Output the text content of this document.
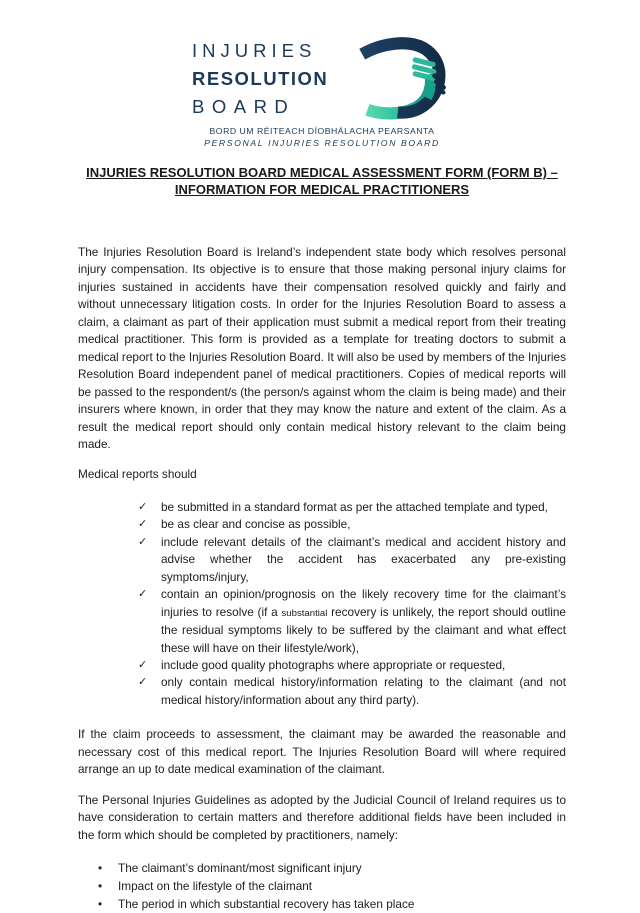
INJURIES
RESOLUTION
BOARD
BORD UM RÉITEACH DÍOBHÁLACHA PEARSANTA
PERSONAL INJURIES RESOLUTION BOARD
INJURIES RESOLUTION BOARD MEDICAL ASSESSMENT FORM (FORM B) –
INFORMATION FOR MEDICAL PRACTITIONERS

The Injuries Resolution Board is Ireland’s independent state body which resolves personal injury compensation. Its objective is to ensure that those making personal injury claims for injuries sustained in accidents have their compensation resolved quickly and fairly and without unnecessary litigation costs. In order for the Injuries Resolution Board to assess a claim, a claimant as part of their application must submit a medical report from their treating medical practitioner. This form is provided as a template for treating doctors to submit a medical report to the Injuries Resolution Board. It will also be used by members of the Injuries Resolution Board independent panel of medical practitioners. Copies of medical reports will be passed to the respondent/s (the person/s against whom the claim is being made) and their insurers where known, in order that they may know the nature and extent of the claim. As a result the medical report should only contain medical history relevant to the claim being made.

Medical reports should

✓	be submitted in a standard format as per the attached template and typed,
✓	be as clear and concise as possible,
✓	include relevant details of the claimant’s medical and accident history and advise whether the accident has exacerbated any pre-existing symptoms/injury,
✓	contain an opinion/prognosis on the likely recovery time for the claimant’s injuries to resolve (if a substantial recovery is unlikely, the report should outline the residual symptoms likely to be suffered by the claimant and what effect these will have on their lifestyle/work),
✓	include good quality photographs where appropriate or requested,
✓	only contain medical history/information relating to the claimant (and not medical history/information about any third party).

If the claim proceeds to assessment, the claimant may be awarded the reasonable and necessary cost of this medical report. The Injuries Resolution Board will where required arrange an up to date medical examination of the claimant.

The Personal Injuries Guidelines as adopted by the Judicial Council of Ireland requires us to have consideration to certain matters and therefore additional fields have been included in the form which should be completed by practitioners, namely:

•	The claimant’s dominant/most significant injury
•	Impact on the lifestyle of the claimant
•	The period in which substantial recovery has taken place
